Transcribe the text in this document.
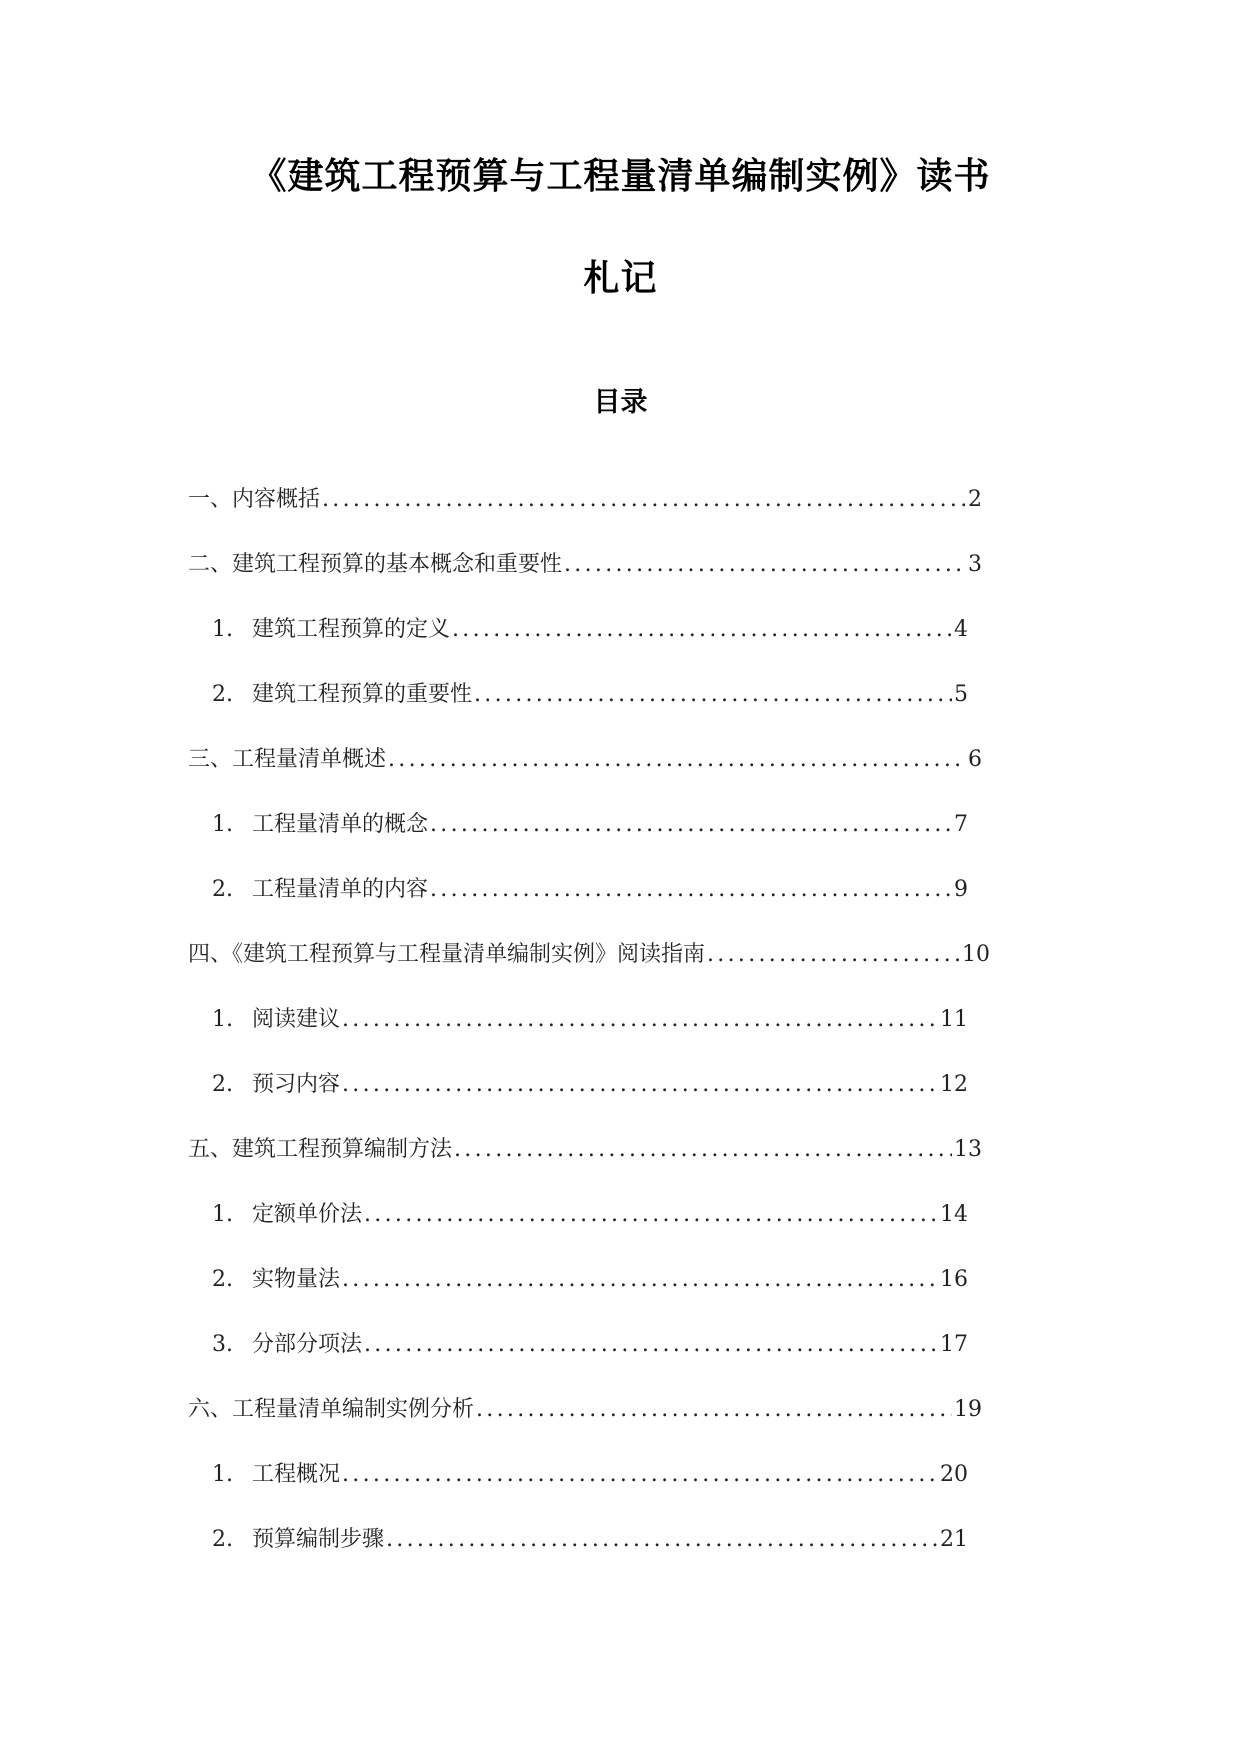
《建筑工程预算与工程量清单编制实例》读书
札记
目录
一、内容概括 .....	2
二、建筑工程预算的基本概念和重要性 .....	3
1. 建筑工程预算的定义 .....	4
2. 建筑工程预算的重要性 .....	5
三、工程量清单概述 .....	6
1. 工程量清单的概念 .....	7
2. 工程量清单的内容 .....	9
四、《建筑工程预算与工程量清单编制实例》阅读指南 .....	10
1. 阅读建议 .....	11
2. 预习内容 .....	12
五、建筑工程预算编制方法 .....	13
1. 定额单价法 .....	14
2. 实物量法 .....	16
3. 分部分项法 .....	17
六、工程量清单编制实例分析 .....	19
1. 工程概况 .....	20
2. 预算编制步骤 .....	21
